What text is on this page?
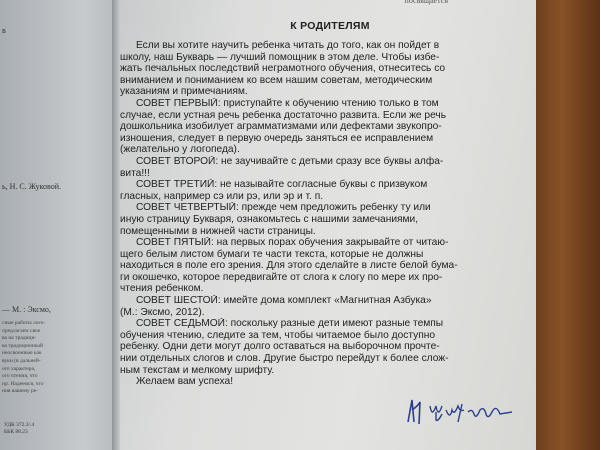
в
ь, Н. С. Жуковой.
— М. : Эксмо,
сные работы лого-
предлагаем свое
ва на традици-
ва традиционный
неосвоенные как
вуки (в дальней-
ого характера,
ого чтения, что
ир. Надеемся, что
ния вашему ре-
УДК 372.3/.4
ББК 88.23
посвящается
К РОДИТЕЛЯМ
Если вы хотите научить ребенка читать до того, как он пойдет в
школу, наш Букварь — лучший помощник в этом деле. Чтобы избе-
жать печальных последствий неграмотного обучения, отнеситесь со
вниманием и пониманием ко всем нашим советам, методическим
указаниям и примечаниям.
СОВЕТ ПЕРВЫЙ: приступайте к обучению чтению только в том
случае, если устная речь ребенка достаточно развита. Если же речь
дошкольника изобилует аграмматизмами или дефектами звукопро-
изношения, следует в первую очередь заняться ее исправлением
(желательно у логопеда).
СОВЕТ ВТОРОЙ: не заучивайте с детьми сразу все буквы алфа-
вита!!!
СОВЕТ ТРЕТИЙ: не называйте согласные буквы с призвуком
гласных, например сэ или рэ, или эр и т. п.
СОВЕТ ЧЕТВЕРТЫЙ: прежде чем предложить ребенку ту или
иную страницу Букваря, ознакомьтесь с нашими замечаниями,
помещенными в нижней части страницы.
СОВЕТ ПЯТЫЙ: на первых порах обучения закрывайте от читаю-
щего белым листом бумаги те части текста, которые не должны
находиться в поле его зрения. Для этого сделайте в листе белой бума-
ги окошечко, которое передвигайте от слога к слогу по мере их про-
чтения ребенком.
СОВЕТ ШЕСТОЙ: имейте дома комплект «Магнитная Азбука»
(М.: Эксмо, 2012).
СОВЕТ СЕДЬМОЙ: поскольку разные дети имеют разные темпы
обучения чтению, следите за тем, чтобы читаемое было доступно
ребенку. Одни дети могут долго оставаться на выборочном прочте-
нии отдельных слогов и слов. Другие быстро перейдут к более слож-
ным текстам и мелкому шрифту.
Желаем вам успеха!
